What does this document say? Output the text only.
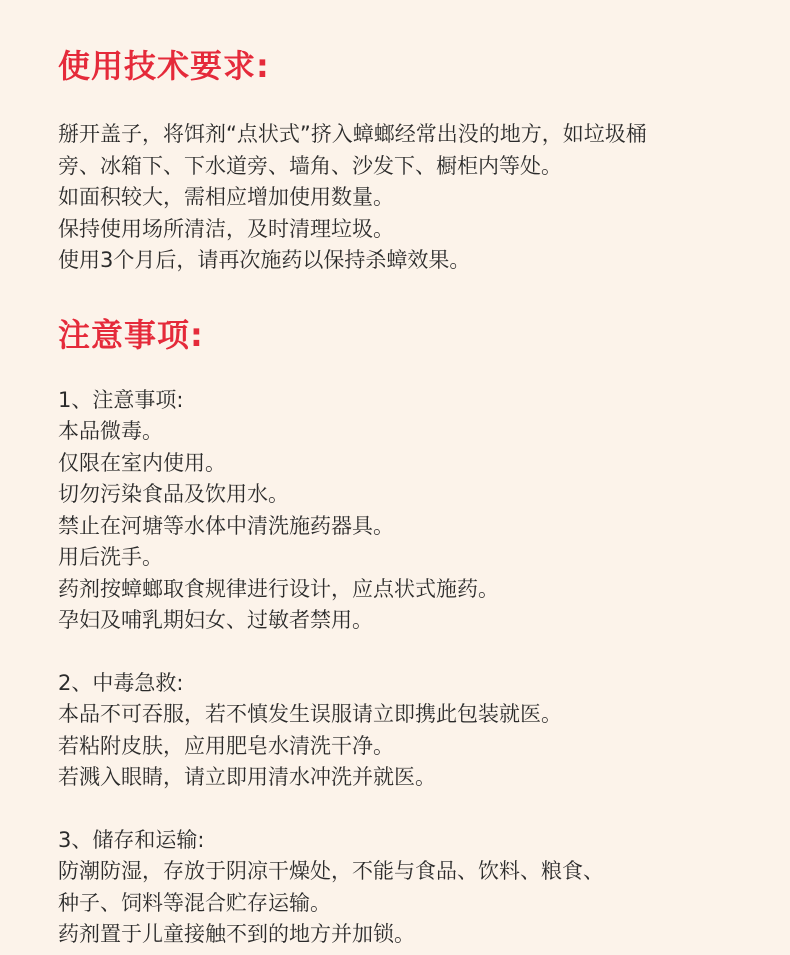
使用技术要求:
掰开盖子，将饵剂“点状式”挤入蟑螂经常出没的地方，如垃圾桶
旁、冰箱下、下水道旁、墙角、沙发下、橱柜内等处。
如面积较大，需相应增加使用数量。
保持使用场所清洁，及时清理垃圾。
使用3个月后，请再次施药以保持杀蟑效果。
注意事项:
1、注意事项:
本品微毒。
仅限在室内使用。
切勿污染食品及饮用水。
禁止在河塘等水体中清洗施药器具。
用后洗手。
药剂按蟑螂取食规律进行设计，应点状式施药。
孕妇及哺乳期妇女、过敏者禁用。
2、中毒急救:
本品不可吞服，若不慎发生误服请立即携此包装就医。
若粘附皮肤，应用肥皂水清洗干净。
若溅入眼睛，请立即用清水冲洗并就医。
3、储存和运输:
防潮防湿，存放于阴凉干燥处，不能与食品、饮料、粮食、
种子、饲料等混合贮存运输。
药剂置于儿童接触不到的地方并加锁。
